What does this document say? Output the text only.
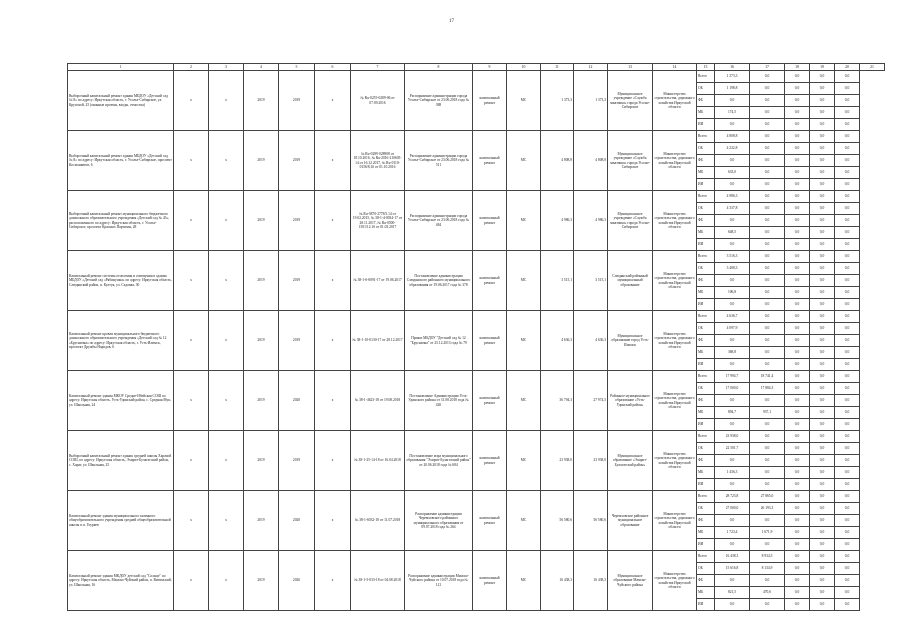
17
1	2	3	4	5	6	7	8	9	10	11	12	13	14	15	16	17	18	19	20	21
Выборочный капитальный ремонт здания МБДОУ «Детский сад № 8» по адресу: Иркутская область, г. Усолье-Сибирское, ул. Крупской, 25 (оконные проемы, входы, отмостка)	x	x	2019	2019	x	№ Ru-0255-0289-06 от 07.09.2016	Распоряжение администрации города Усолье-Сибирское от 23.06.2018 года № 388	капитальный ремонт	МС	1 373,3	1 373,3	Муниципальное учреждение «Служба заказчика» города Усолье-Сибирское	Министерство строительства, дорожного хозяйства Иркутской области	Всего	1 373,3	0,0	0,0	0,0	0,0	
														ОБ	1 198,8	0,0	0,0	0,0	0,0	
														ФБ	0,0	0,0	0,0	0,0	0,0	
														МБ	174,5	0,0	0,0	0,0	0,0	
														ИИ	0,0	0,0	0,0	0,0	0,0	
Выборочный капитальный ремонт здания МБДОУ «Детский сад № 8» по адресу: Иркутская область, г. Усолье-Сибирское, проспект Космонавтов, 6	x	x	2019	2019	x	№ Ru-0289-028908 от 18.10.2016, № Ru-2016-210605-14 от 16.12.2017, № Ru-0110-0156/8,16 от 01.10.2016	Распоряжение администрации города Усолье-Сибирское от 23.06.2018 года № 511	капитальный ремонт	МС	4 808,8	4 808,8	Муниципальное учреждение «Служба заказчика» города Усолье-Сибирское	Министерство строительства, дорожного хозяйства Иркутской области	Всего	4 808,8	0,0	0,0	0,0	0,0	
														ОБ	4 232,8	0,0	0,0	0,0	0,0	
														ФБ	0,0	0,0	0,0	0,0	0,0	
														МБ	633,0	0,0	0,0	0,0	0,0	
														ИИ	0,0	0,0	0,0	0,0	0,0	
Выборочный капитальный ремонт муниципального бюджетного дошкольного образовательного учреждения «Детский сад № 43», расположенного по адресу: Иркутская область, г. Усолье-Сибирское, проспект Красных Партизан, 28	x	x	2019	2019	x	№ Ru-3870-2778/5.14 от 19.02.2015, № 38-1-4-0034-17 от 28.11.2017, № Ru-0500-1501/12.16 от 01.03.2017	Распоряжение администрации города Усолье-Сибирское от 23.06.2018 года № 484	капитальный ремонт	МС	4 986,3	4 986,3	Муниципальное учреждение «Служба заказчика» города Усолье-Сибирское	Министерство строительства, дорожного хозяйства Иркутской области	Всего	4 986,3	0,0	0,0	0,0	0,0	
														ОБ	4 337,8	0,0	0,0	0,0	0,0	
														ФБ	0,0	0,0	0,0	0,0	0,0	
														МБ	648,5	0,0	0,0	0,0	0,0	
														ИИ	0,0	0,0	0,0	0,0	0,0	
Капитальный ремонт системы отопления и освещения в здании МБДОУ «Детский сад «Рябинушка» по адресу: Иркутская область, Слюдянский район, п. Култук, ул. Садовая, 30	x	x	2019	2019	x	№ 38-1-6-0091-17 от 19.06.2017	Постановление администрации Слюдянского районного муниципального образования от 19.06.2017 года № 378	капитальный ремонт	МС	3 515,1	3 515,1	Слюдянский районный муниципальный образование	Министерство строительства, дорожного хозяйства Иркутской области	Всего	3 516,3	0,0	0,0	0,0	0,0	
														ОБ	3 408,3	0,0	0,0	0,0	0,0	
														ФБ	0,0	0,0	0,0	0,0	0,0	
														МБ	106,8	0,0	0,0	0,0	0,0	
														ИИ	0,0	0,0	0,0	0,0	0,0	
Капитальный ремонт кровли муниципального бюджетного дошкольного образовательного учреждения «Детский сад № 12 «Брусничка» по адресу: Иркутская область, г. Усть-Илимск, проспект Дружбы Народов, 6	x	x	2019	2019	x	№ 38-1-10-0130-17 от 28.12.2017	Приказ МБДОУ "Детский сад № 12 "Брусничка" от 25.12.2013 года № 79	капитальный ремонт	МС	4 636,3	4 636,3	Муниципальное образование город Усть-Илимск	Министерство строительства, дорожного хозяйства Иркутской области	Всего	4 636,7	0,0	0,0	0,0	0,0	
														ОБ	4 097,9	0,0	0,0	0,0	0,0	
														ФБ	0,0	0,0	0,0	0,0	0,0	
														МБ	368,8	0,0	0,0	0,0	0,0	
														ИИ	0,0	0,0	0,0	0,0	0,0	
Капитальный ремонт здания МКОУ Средне-Ибейская СОШ по адресу: Иркутская область, Усть-Удинский район, с. Средняя Муя, ул. Школьная, 24	x	x	2019	2020	x	№ 38-1-4623-18 от 19.08.2018	Постановление Администрации Усть-Удинского района от 31.08.2018 года № 420	капитальный ремонт	МС	36 794,3	27 974,5	Районное муниципальное образование «Усть-Удинский район»	Министерство строительства, дорожного хозяйства Иркутской области	Всего	17 994,7	18 741,4	0,0	0,0	0,0	
														ОБ	17 000,0	17 884,3	0,0	0,0	0,0	
														ФБ	0,0	0,0	0,0	0,0	0,0	
														МБ	894,7	937,1	0,0	0,0	0,0	
														ИИ	0,0	0,0	0,0	0,0	0,0	
Выборочный капитальный ремонт здания средней школы Харачой СОШ, по адресу: Иркутская область, Эхирит-Булагатский район, с. Харат, ул. Школьная, 25	x	x	2019	2019	x	№ 38-1-25-14-18 от 16.04.2018	Постановление мэра муниципального образования "Эхирит-Булагатский район" от 20.06.2018 года № 684	капитальный ремонт	МС	23 938,0	23 938,0	Муниципальное образование «Эхирит-Булагатский район»	Министерство строительства, дорожного хозяйства Иркутской области	Всего	23 938,0	0,0	0,0	0,0	0,0	
														ОБ	22 501,7	0,0	0,0	0,0	0,0	
														ФБ	0,0	0,0	0,0	0,0	0,0	
														МБ	1 436,3	0,0	0,0	0,0	0,0	
														ИИ	0,0	0,0	0,0	0,0	0,0	
Капитальный ремонт здания муниципального казенного общеобразовательного учреждения средней общеобразовательной школы п.п. Гоуряев	x	x	2019	2020	x	№ 38-1-6032-18 от 11.07.2018	Распоряжение администрации Черемховского районного муниципального образования от 09.07.2018 года № 264	капитальный ремонт	МС	56 580,6	56 580,6	Черемховское районное муниципальное образование	Министерство строительства, дорожного хозяйства Иркутской области	Всего	28 723,8	27 865,0	0,0	0,0	0,0	
														ОБ	27 000,0	26 193,3	0,0	0,0	0,0	
														ФБ	0,0	0,0	0,0	0,0	0,0	
														МБ	1 723,4	1 671,9	0,0	0,0	0,0	
														ИИ	0,0	0,0	0,0	0,0	0,0	
Капитальный ремонт здания МКДОУ детский сад "Солнце" по адресу: Иркутская область, Мамско-Чуйский район, п. Витимский, ул. Школьная, 16	x	x	2019	2020	x	№ 38-1-5-033-18 от 04.08.2018	Распоряжение администрации Мамско-Чуйского района от 10.07.2018 года № 121	капитальный ремонт	МС	16 438,3	16 438,3	Муниципальное образование Мамско-Чуйского района	Министерство строительства, дорожного хозяйства Иркутской области	Всего	16 438,3	8 934,5	0,0	0,0	0,0	
														ОБ	15 616,8	8 134,9	0,0	0,0	0,0	
														ФБ	0,0	0,0	0,0	0,0	0,0	
														МБ	821,5	470,6	0,0	0,0	0,0	
														ИИ	0,0	0,0	0,0	0,0	0,0	
